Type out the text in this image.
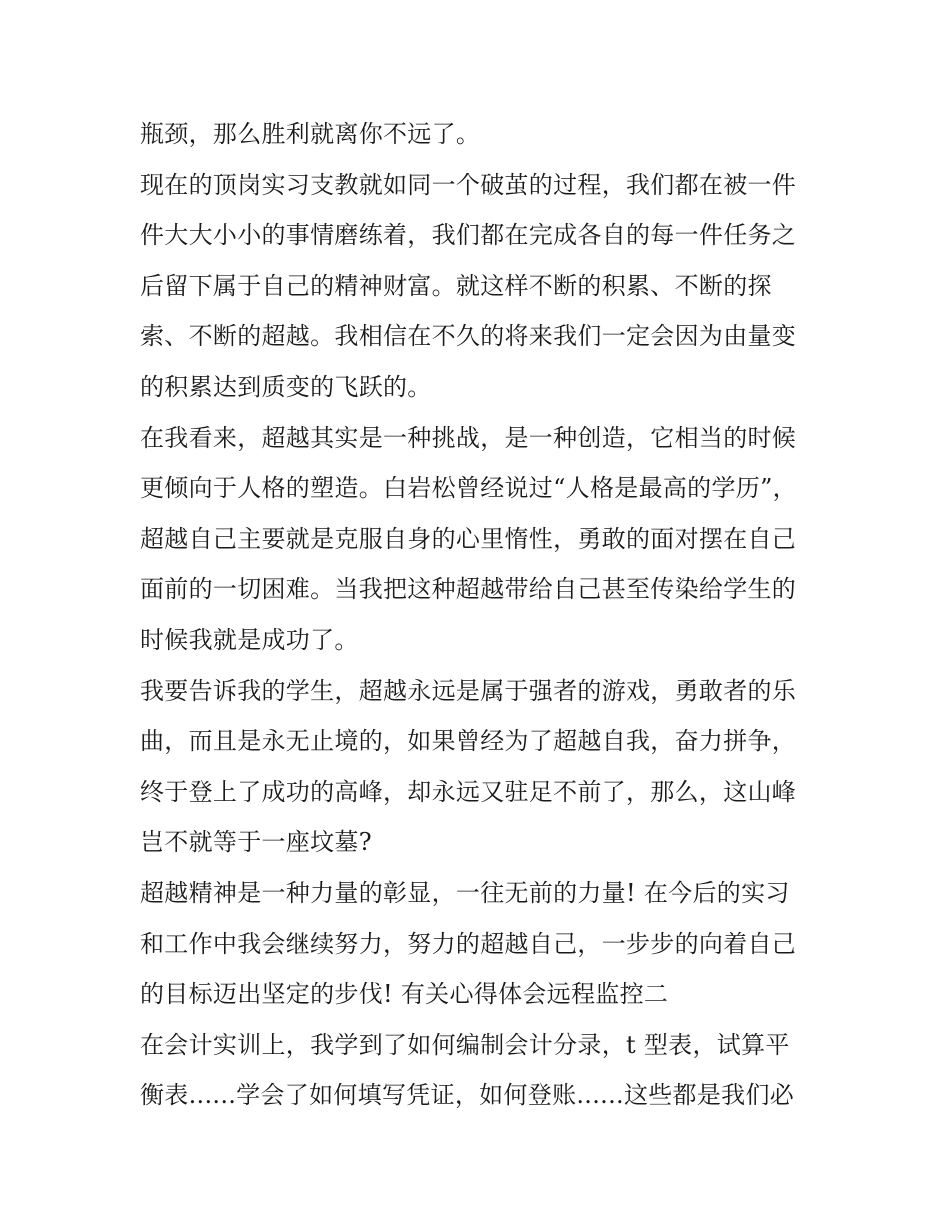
瓶颈，那么胜利就离你不远了。
现在的顶岗实习支教就如同一个破茧的过程，我们都在被一件
件大大小小的事情磨练着，我们都在完成各自的每一件任务之
后留下属于自己的精神财富。就这样不断的积累、不断的探
索、不断的超越。我相信在不久的将来我们一定会因为由量变
的积累达到质变的飞跃的。
在我看来，超越其实是一种挑战，是一种创造，它相当的时候
更倾向于人格的塑造。白岩松曾经说过“人格是最高的学历”，
超越自己主要就是克服自身的心里惰性，勇敢的面对摆在自己
面前的一切困难。当我把这种超越带给自己甚至传染给学生的
时候我就是成功了。
我要告诉我的学生，超越永远是属于强者的游戏，勇敢者的乐
曲，而且是永无止境的，如果曾经为了超越自我，奋力拼争，
终于登上了成功的高峰，却永远又驻足不前了，那么，这山峰
岂不就等于一座坟墓?
超越精神是一种力量的彰显，一往无前的力量! 在今后的实习
和工作中我会继续努力，努力的超越自己，一步步的向着自己
的目标迈出坚定的步伐! 有关心得体会远程监控二
在会计实训上，我学到了如何编制会计分录，t 型表，试算平
衡表......学会了如何填写凭证，如何登账......这些都是我们必
